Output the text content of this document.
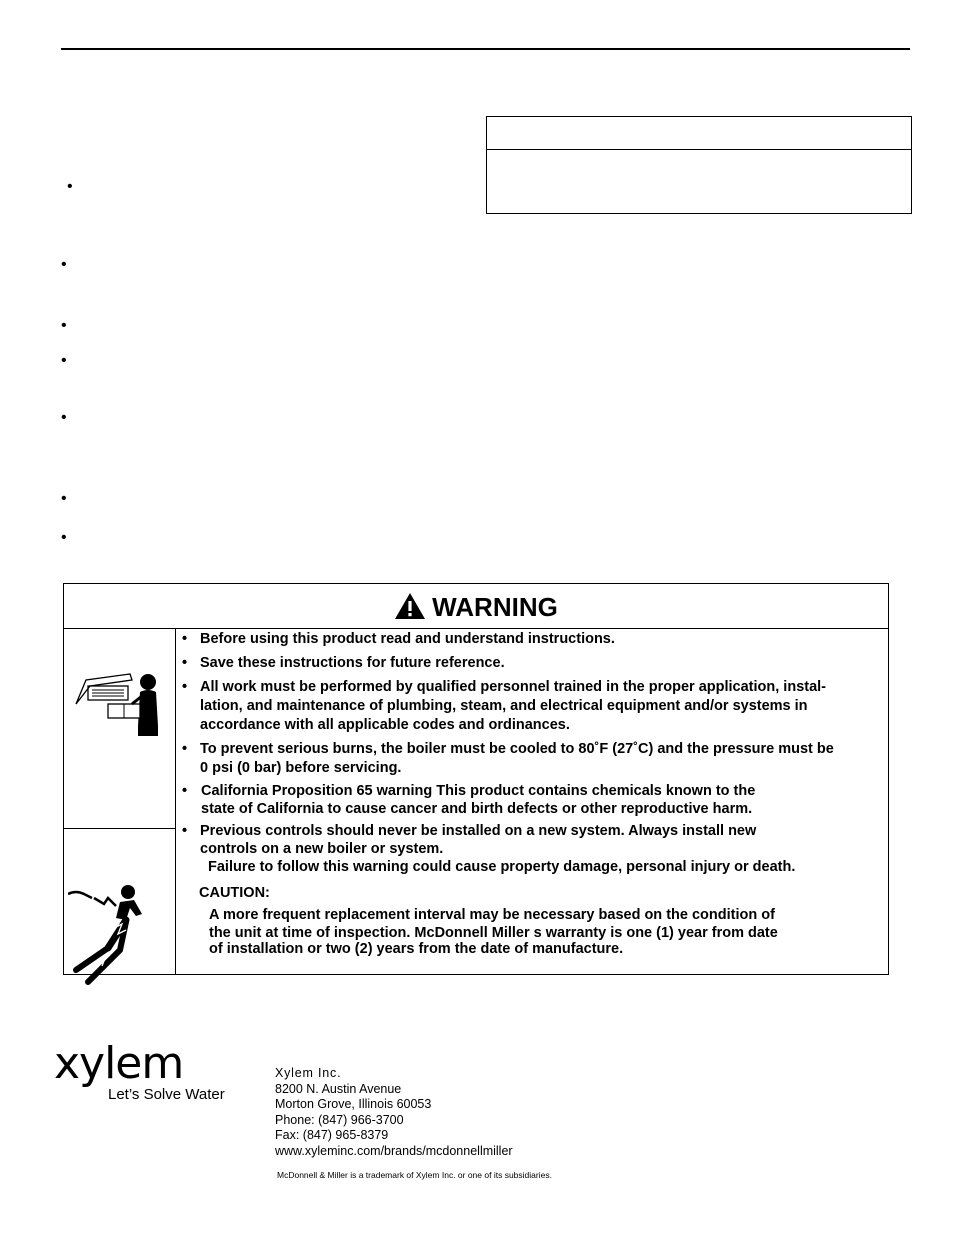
•
•
•
•
•
•
•
WARNING
• Before using this product read and understand instructions.
• Save these instructions for future reference.
• All work must be performed by qualified personnel trained in the proper application, instal-
lation, and maintenance of plumbing, steam, and electrical equipment and/or systems in
accordance with all applicable codes and ordinances.
• To prevent serious burns, the boiler must be cooled to 80˚F (27˚C) and the pressure must be
0 psi (0 bar) before servicing.
• California Proposition 65 warning This product contains chemicals known to the
state of California to cause cancer and birth defects or other reproductive harm.
• Previous controls should never be installed on a new system. Always install new
controls on a new boiler or system.
Failure to follow this warning could cause property damage, personal injury or death.
CAUTION:
A more frequent replacement interval may be necessary based on the condition of
the unit at time of inspection. McDonnell Miller s warranty is one (1) year from date
of installation or two (2) years from the date of manufacture.
xylem
Let’s Solve Water
Xylem Inc.
8200 N. Austin Avenue
Morton Grove, Illinois 60053
Phone: (847) 966-3700
Fax: (847) 965-8379
www.xyleminc.com/brands/mcdonnellmiller
McDonnell & Miller is a trademark of Xylem Inc. or one of its subsidiaries.
